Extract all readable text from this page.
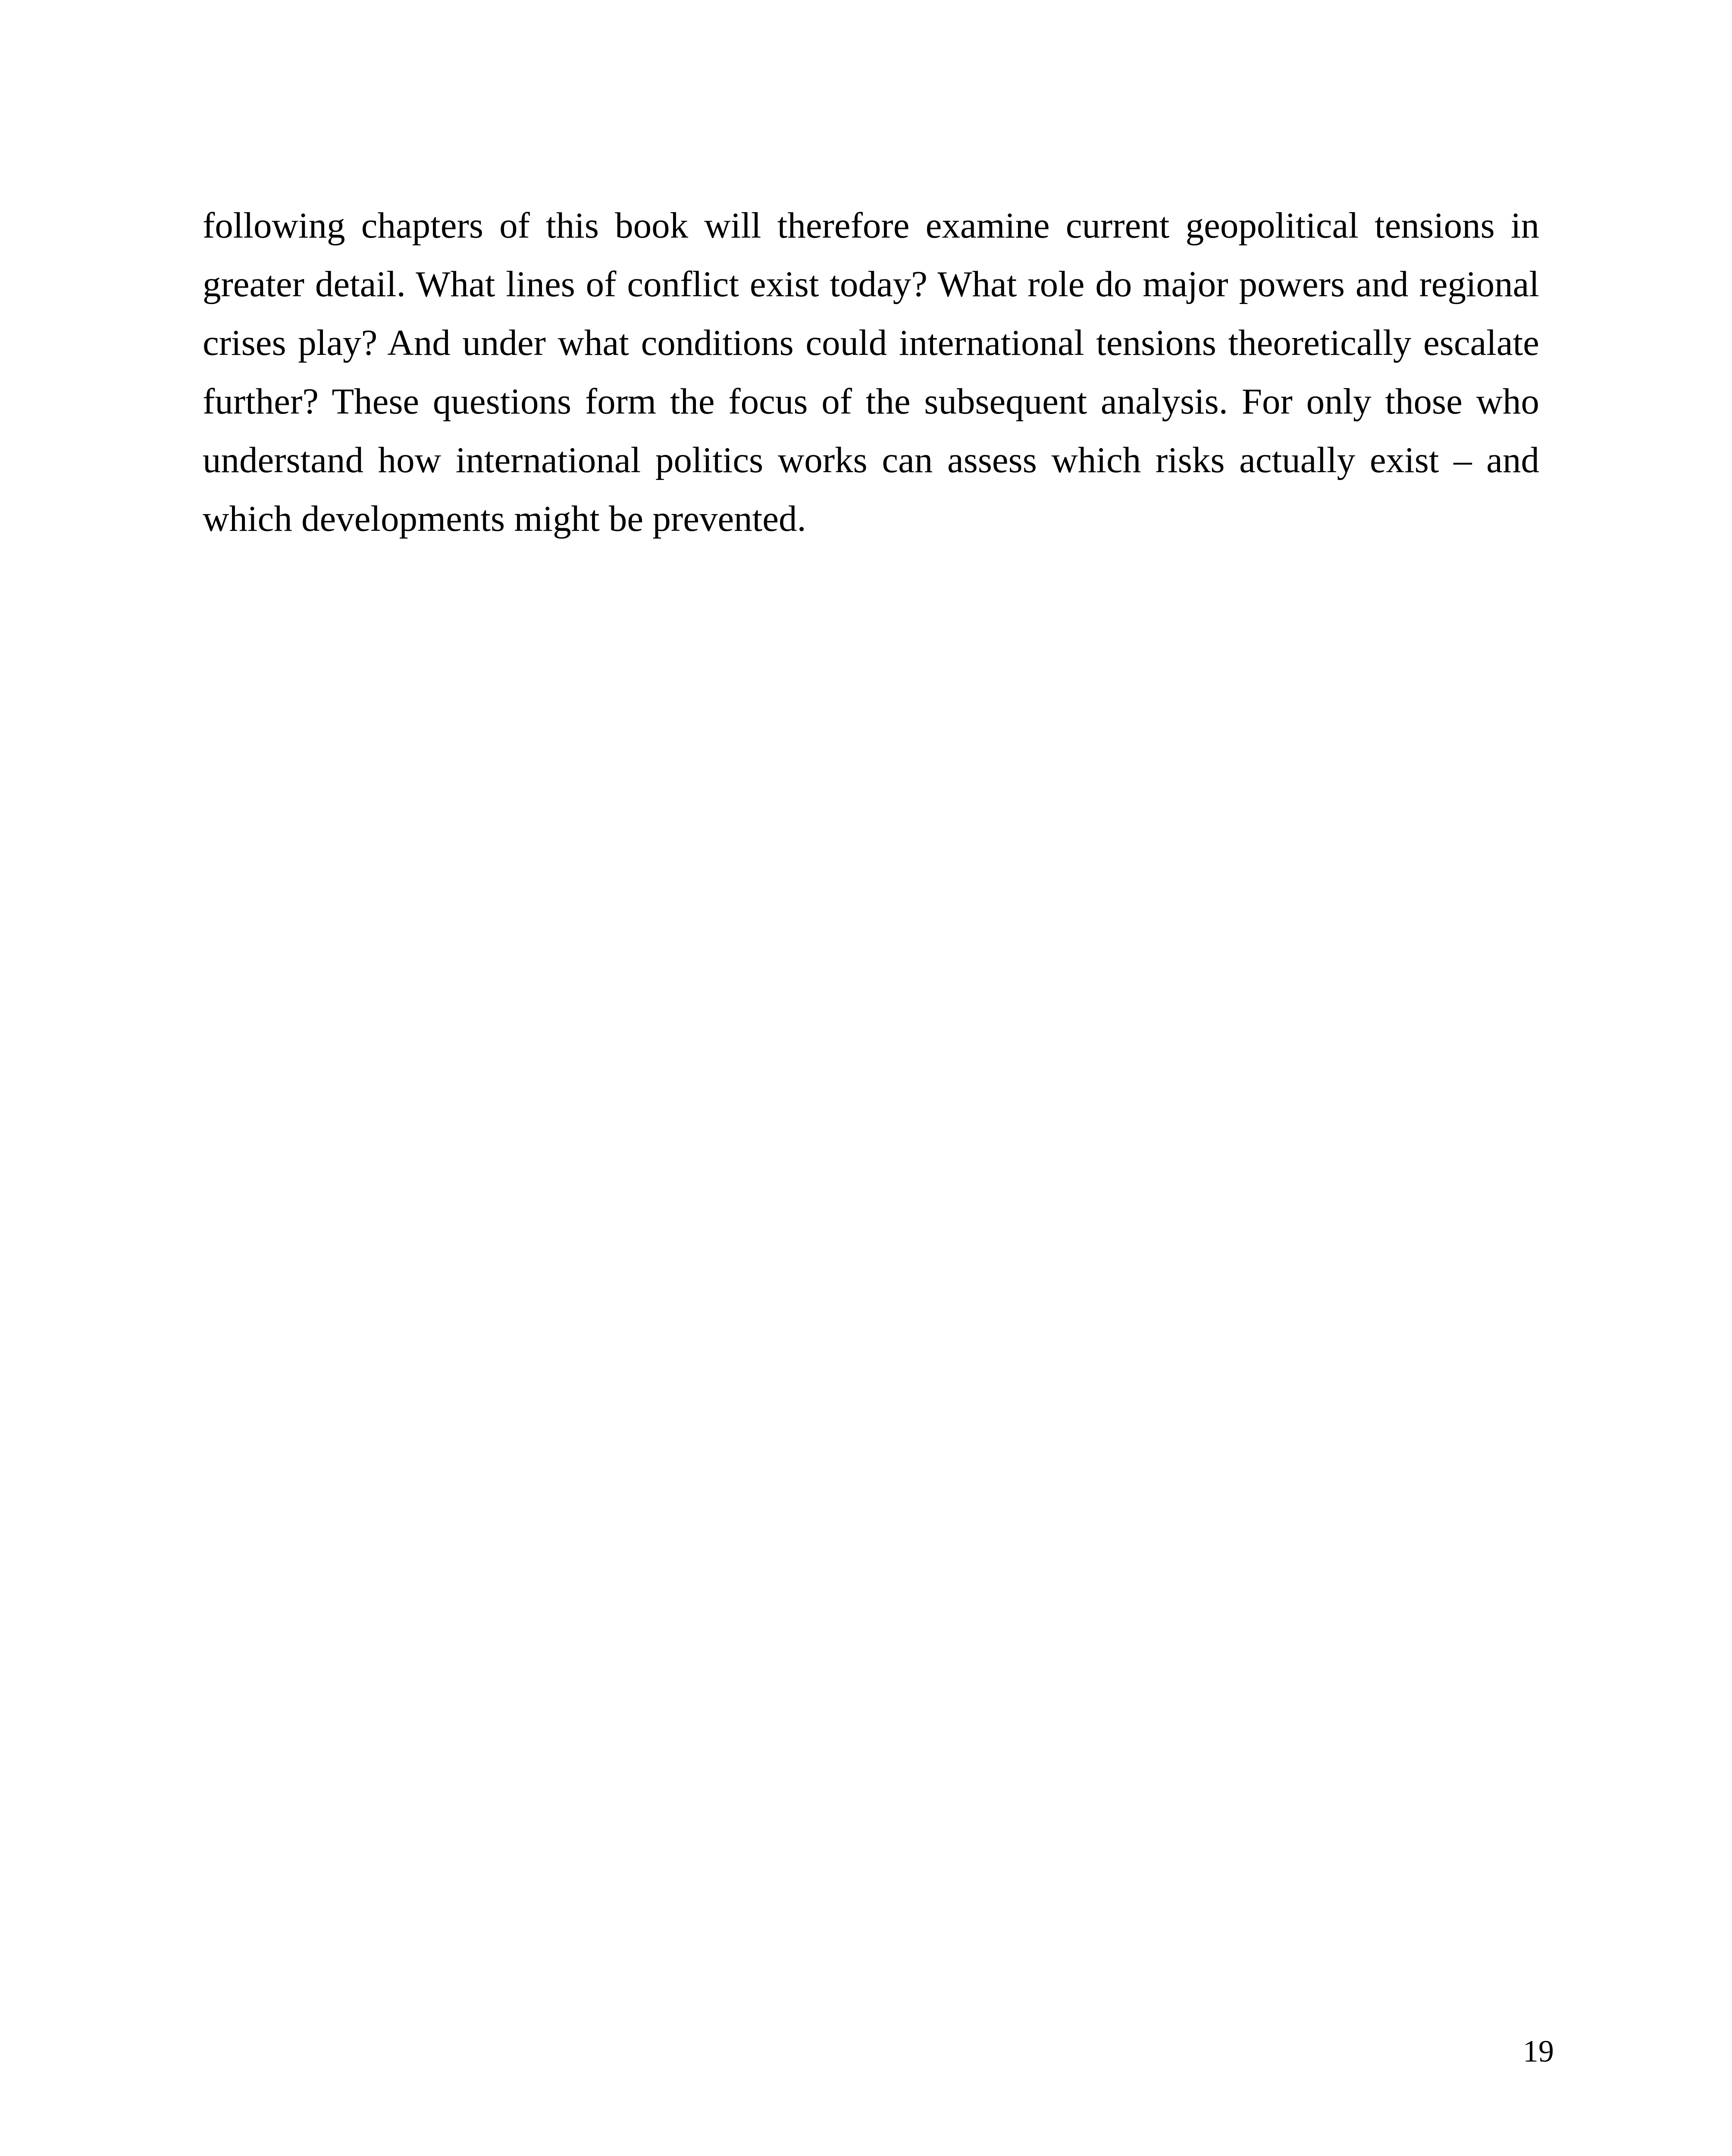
following chapters of this book will therefore examine current geopolitical tensions in greater detail. What lines of conflict exist today? What role do major powers and regional crises play? And under what conditions could international tensions theoretically escalate further? These questions form the focus of the subsequent analysis. For only those who understand how international politics works can assess which risks actually exist – and which developments might be prevented.

19
